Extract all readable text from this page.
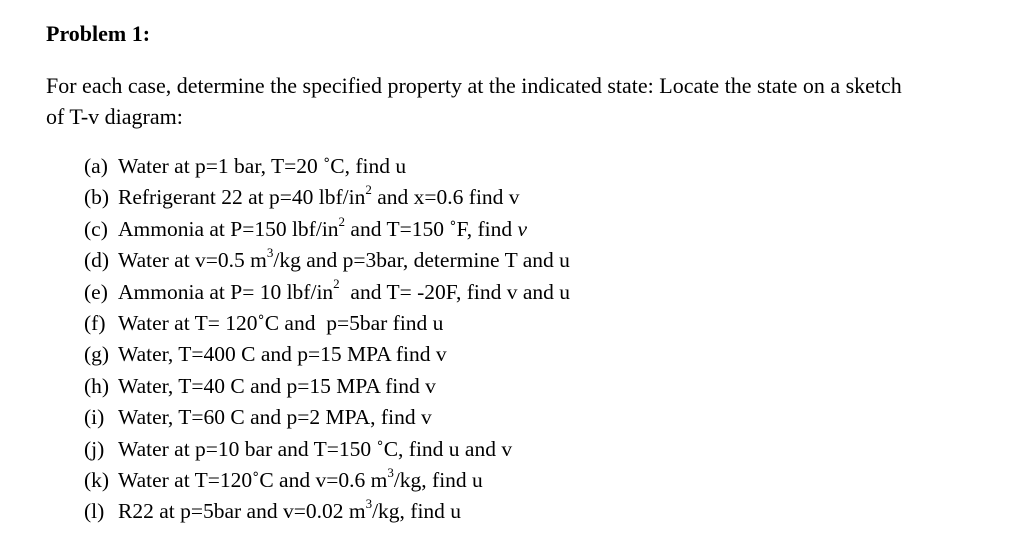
Problem 1:
For each case, determine the specified property at the indicated state: Locate the state on a sketch
of T-v diagram:
(a) Water at p=1 bar, T=20 ˚C, find u
(b) Refrigerant 22 at p=40 lbf/$in^2$ and x=0.6 find v
(c) Ammonia at P=150 lbf/$in^2$ and T=150 ˚F, find v
(d) Water at v=0.5 $m^3/kg$ and p=3bar, determine T and u
(e) Ammonia at P= 10 lbf/$in^2$  and T= -20F, find v and u
(f) Water at T= 120˚C and  p=5bar find u
(g) Water, T=400 C and p=15 MPA find v
(h) Water, T=40 C and p=15 MPA find v
(i) Water, T=60 C and p=2 MPA, find v
(j) Water at p=10 bar and T=150 ˚C, find u and v
(k) Water at T=120˚C and v=0.6 $m^3/kg$, find u
(l) R22 at p=5bar and v=0.02 $m^3/kg$, find u
